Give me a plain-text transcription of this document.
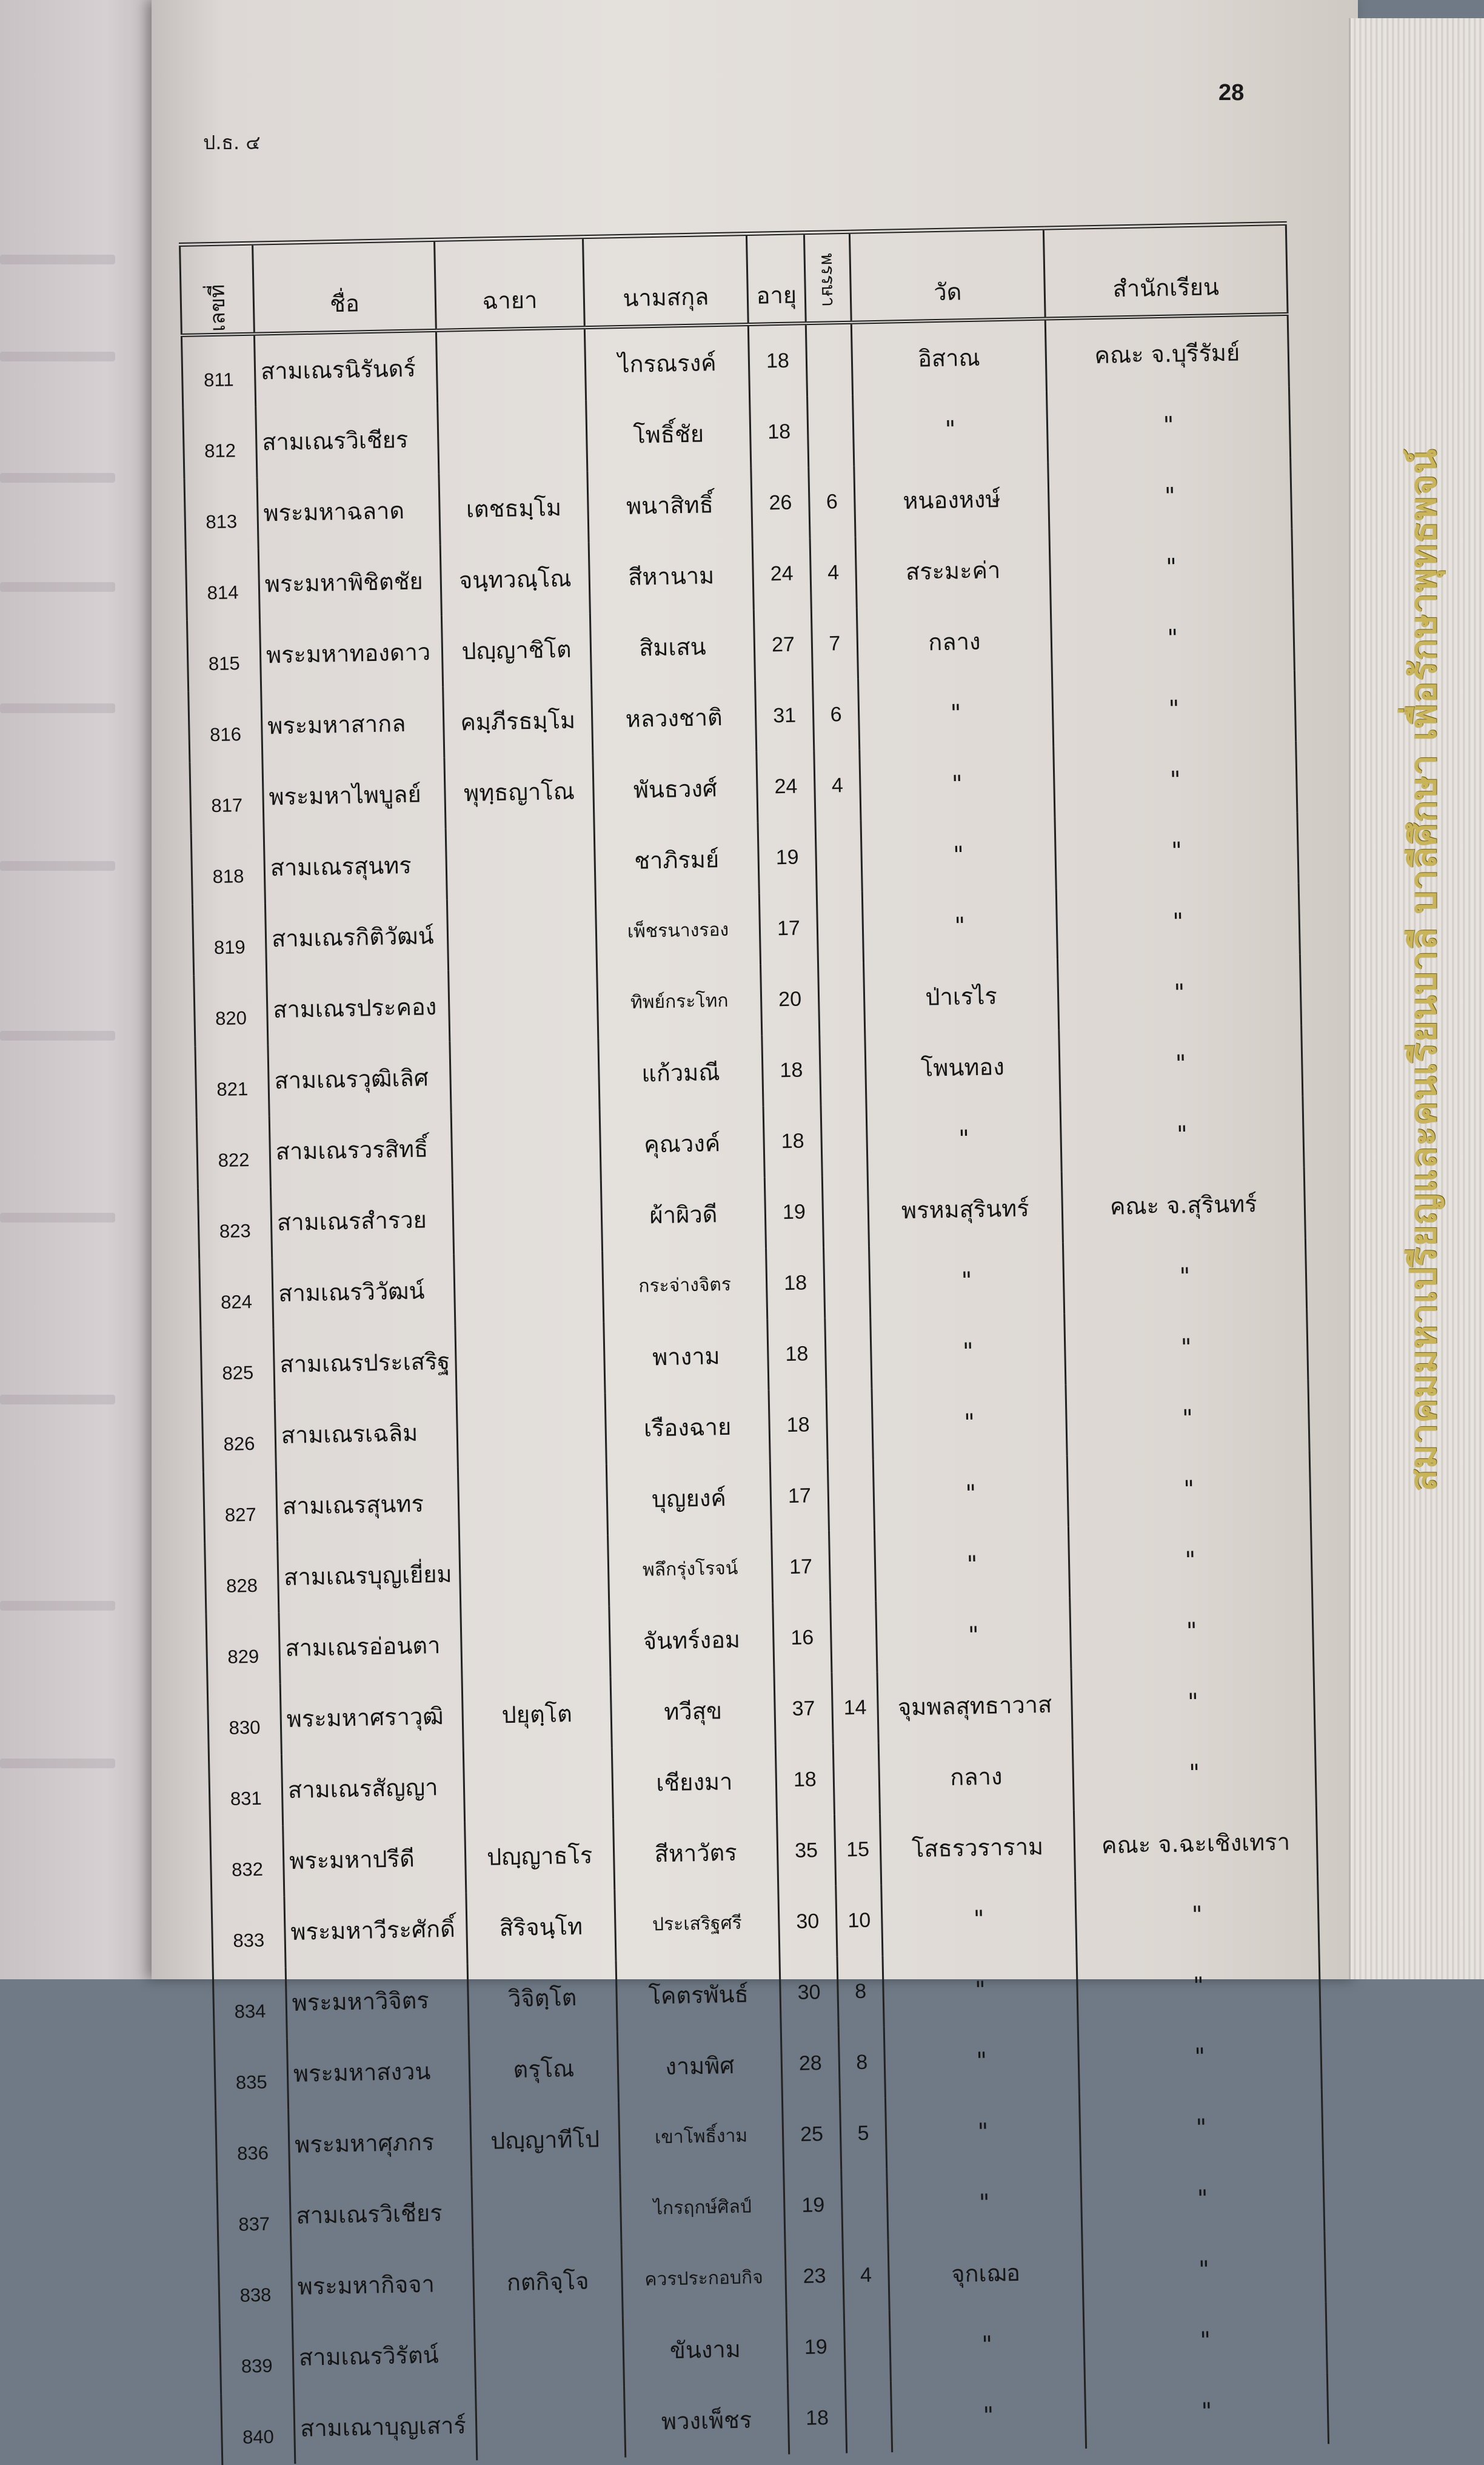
สมาคมมหาเปรียญและคนเรียนบาลี บาลีศึกษา เพื่อรักษาพุทธพจน์
28
ป.ธ. ๔
เลขที่	ชื่อ	ฉายา	นามสกุล	อายุ	พรรษา	วัด	สำนักเรียน
811	สามเณรนิรันดร์		ไกรณรงค์	18		อิสาณ	คณะ จ.บุรีรัมย์
812	สามเณรวิเชียร		โพธิ์ชัย	18		"	"
813	พระมหาฉลาด	เตชธมฺโม	พนาสิทธิ์	26	6	หนองหงษ์	"
814	พระมหาพิชิตชัย	จนฺทวณฺโณ	สีหานาม	24	4	สระมะค่า	"
815	พระมหาทองดาว	ปญฺญาชิโต	สิมเสน	27	7	กลาง	"
816	พระมหาสากล	คมฺภีรธมฺโม	หลวงชาติ	31	6	"	"
817	พระมหาไพบูลย์	พุทฺธญาโณ	พันธวงศ์	24	4	"	"
818	สามเณรสุนทร		ชาภิรมย์	19		"	"
819	สามเณรกิติวัฒน์		เพ็ชรนางรอง	17		"	"
820	สามเณรประคอง		ทิพย์กระโทก	20		ป่าเรไร	"
821	สามเณรวุฒิเลิศ		แก้วมณี	18		โพนทอง	"
822	สามเณรวรสิทธิ์		คุณวงค์	18		"	"
823	สามเณรสำรวย		ผ้าผิวดี	19		พรหมสุรินทร์	คณะ จ.สุรินทร์
824	สามเณรวิวัฒน์		กระจ่างจิตร	18		"	"
825	สามเณรประเสริฐ		พางาม	18		"	"
826	สามเณรเฉลิม		เรืองฉาย	18		"	"
827	สามเณรสุนทร		บุญยงค์	17		"	"
828	สามเณรบุญเยี่ยม		พลึกรุ่งโรจน์	17		"	"
829	สามเณรอ่อนตา		จันทร์งอม	16		"	"
830	พระมหาศราวุฒิ	ปยุตฺโต	ทวีสุข	37	14	จุมพลสุทธาวาส	"
831	สามเณรสัญญา		เชียงมา	18		กลาง	"
832	พระมหาปรีดี	ปญฺญาธโร	สีหาวัตร	35	15	โสธรวราราม	คณะ จ.ฉะเชิงเทรา
833	พระมหาวีระศักดิ์	สิริจนฺโท	ประเสริฐศรี	30	10	"	"
834	พระมหาวิจิตร	วิจิตฺโต	โคตรพันธ์	30	8	"	"
835	พระมหาสงวน	ตรุโณ	งามพิศ	28	8	"	"
836	พระมหาศุภกร	ปญฺญาทีโป	เขาโพธิ์งาม	25	5	"	"
837	สามเณรวิเชียร		ไกรฤกษ์ศิลป์	19		"	"
838	พระมหากิจจา	กตกิจฺโจ	ควรประกอบกิจ	23	4	จุกเฌอ	"
839	สามเณรวิรัตน์		ขันงาม	19		"	"
840	สามเณาบุญเสาร์		พวงเพ็ชร	18		"	"
